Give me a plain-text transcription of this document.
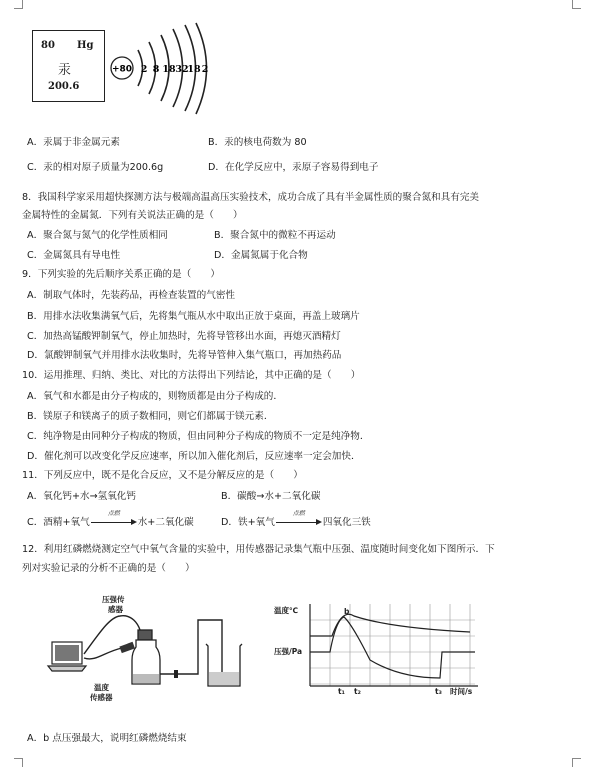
80 Hg
汞
200.6
+80 2 8 18 32
18 2
A．汞属于非金属元素	B．汞的核电荷数为 80
C．汞的相对原子质量为200.6g	D．在化学反应中，汞原子容易得到电子
8．我国科学家采用超快探测方法与极端高温高压实验技术，成功合成了具有半金属性质的聚合氮和具有完美
金属特性的金属氮．下列有关说法正确的是（　　）
A．聚合氮与氮气的化学性质相同	B．聚合氮中的微粒不再运动
C．金属氮具有导电性	D．金属氮属于化合物
9．下列实验的先后顺序关系正确的是（　　）
A．制取气体时，先装药品，再检查装置的气密性
B．用排水法收集满氧气后，先将集气瓶从水中取出正放于桌面，再盖上玻璃片
C．加热高锰酸钾制氧气，停止加热时，先将导管移出水面，再熄灭酒精灯
D．氯酸钾制氧气并用排水法收集时，先将导管伸入集气瓶口，再加热药品
10．运用推理、归纳、类比、对比的方法得出下列结论，其中正确的是（　　）
A．氧气和水都是由分子构成的，则物质都是由分子构成的．
B．镁原子和镁离子的质子数相同，则它们都属于镁元素．
C．纯净物是由同种分子构成的物质，但由同种分子构成的物质不一定是纯净物．
D．催化剂可以改变化学反应速率，所以加入催化剂后，反应速率一定会加快．
11．下列反应中，既不是化合反应，又不是分解反应的是（　　）
A．氧化钙+水→氢氧化钙	B．碳酸→水+二氧化碳
C．酒精+氧气
点燃
水+二氧化碳	D．铁+氧气
点燃
四氧化三铁
12．利用红磷燃烧测定空气中氧气含量的实验中，用传感器记录集气瓶中压强、温度随时间变化如下图所示．下
列对实验记录的分析不正确的是（　　）
压强传
感器
温度
传感器
温度℃
压强/Pa
时间/s
b
t₁ t₂	t₃
A．b 点压强最大，说明红磷燃烧结束
